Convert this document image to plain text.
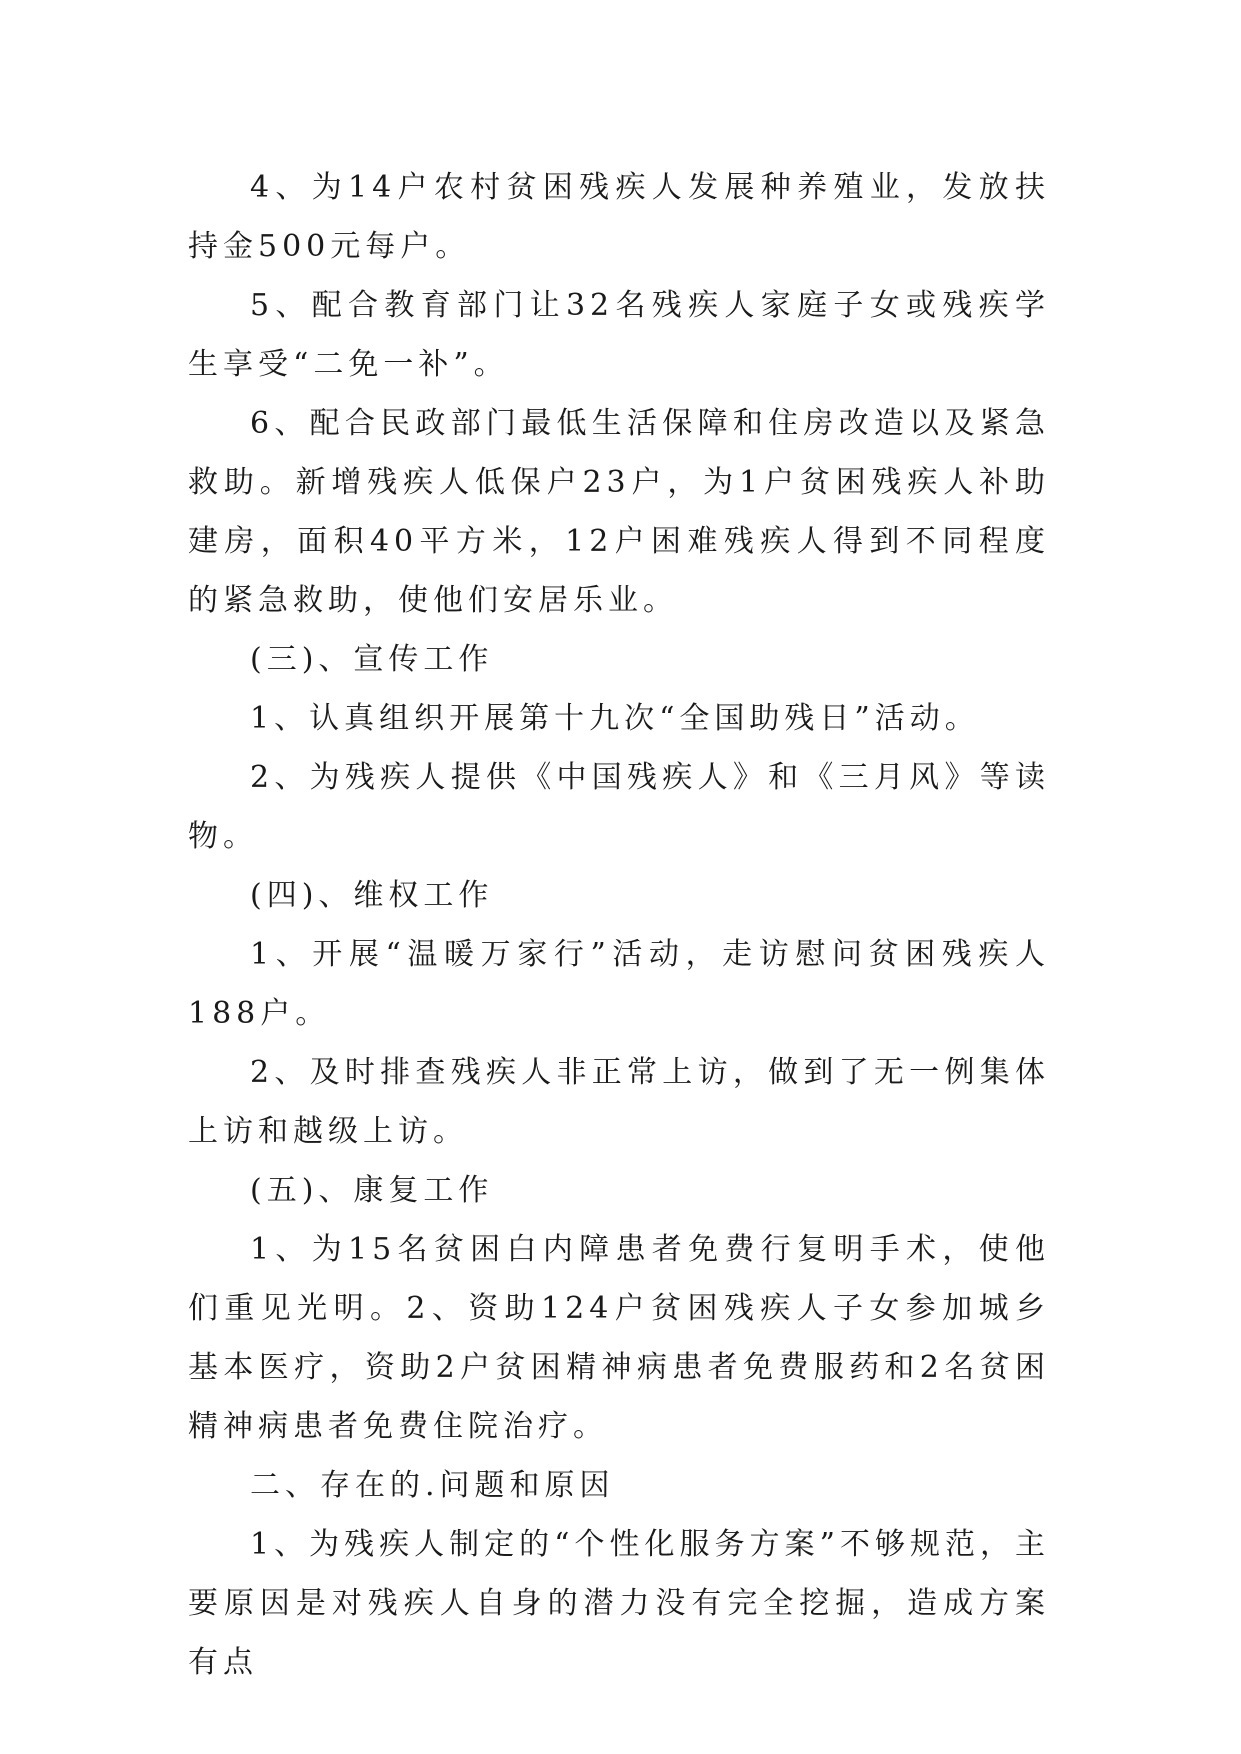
4、为14户农村贫困残疾人发展种养殖业，发放扶持金500元每户。

5、配合教育部门让32名残疾人家庭子女或残疾学生享受“二免一补”。

6、配合民政部门最低生活保障和住房改造以及紧急救助。新增残疾人低保户23户，为1户贫困残疾人补助建房，面积40平方米，12户困难残疾人得到不同程度的紧急救助，使他们安居乐业。

(三)、宣传工作

1、认真组织开展第十九次“全国助残日”活动。

2、为残疾人提供《中国残疾人》和《三月风》等读物。

(四)、维权工作

1、开展“温暖万家行”活动，走访慰问贫困残疾人188户。

2、及时排查残疾人非正常上访，做到了无一例集体上访和越级上访。

(五)、康复工作

1、为15名贫困白内障患者免费行复明手术，使他们重见光明。2、资助124户贫困残疾人子女参加城乡基本医疗，资助2户贫困精神病患者免费服药和2名贫困精神病患者免费住院治疗。

二、存在的.问题和原因

1、为残疾人制定的“个性化服务方案”不够规范，主要原因是对残疾人自身的潜力没有完全挖掘，造成方案有点
